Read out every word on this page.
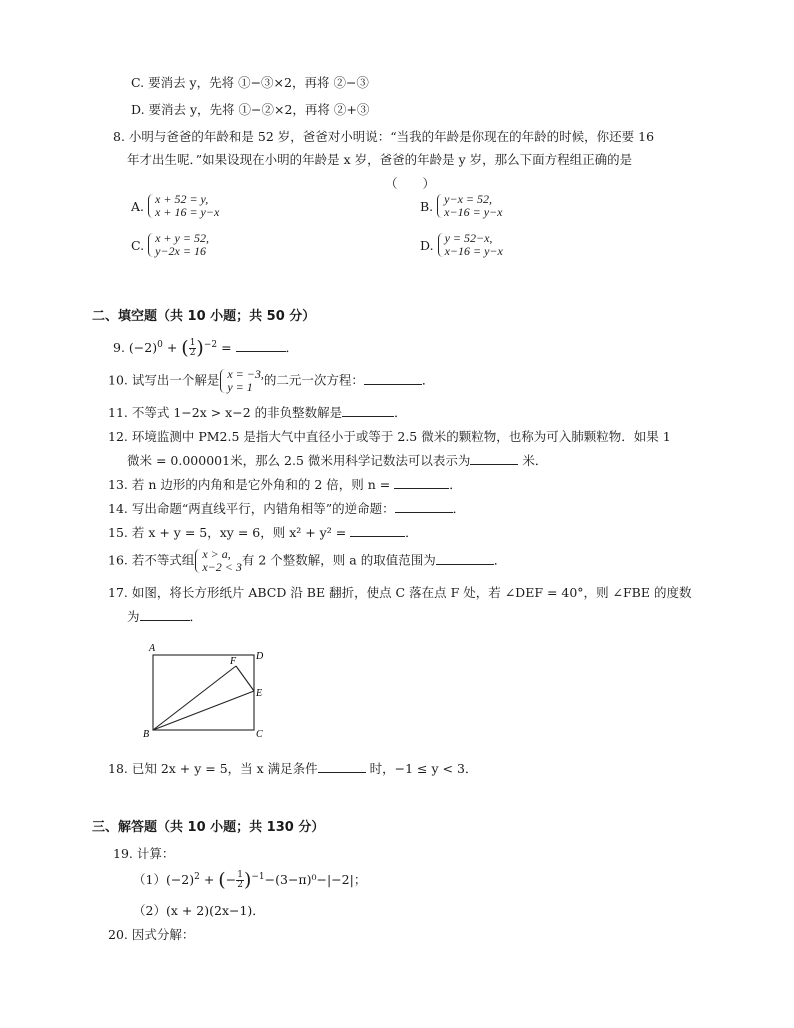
C. 要消去 y，先将 ①−③×2，再将 ②−③
D. 要消去 y，先将 ①−②×2，再将 ②+③
8. 小明与爸爸的年龄和是 52 岁，爸爸对小明说：“当我的年龄是你现在的年龄的时候，你还要 16
年才出生呢．”如果设现在小明的年龄是 x 岁，爸爸的年龄是 y 岁，那么下面方程组正确的是
（　　）
A. x + 52 = y,
x + 16 = y−x	B. y−x = 52,
x−16 = y−x
C. x + y = 52,
y−2x = 16	D. y = 52−x,
x−16 = y−x
二、填空题（共 10 小题；共 50 分）
9. $(-2)^0$ + ( $\frac{1}{2} )^{-2}$ =	．
10. 试写出一个解是 x = −3,
y = 1 的二元一次方程：	．
11. 不等式 1−2x > x−2 的非负整数解是	．
12. 环境监测中 PM2.5 是指大气中直径小于或等于 2.5 微米的颗粒物，也称为可入肺颗粒物．如果 1
微米 = 0.000001米，那么 2.5 微米用科学记数法可以表示为	米．
13. 若 n 边形的内角和是它外角和的 2 倍，则 n =	．
14. 写出命题“两直线平行，内错角相等”的逆命题：	．
15. 若 x + y = 5，xy = 6，则 x² + y² =	．
16. 若不等式组 x > a,
x−2 < 3 有 2 个整数解，则 a 的取值范围为	．
17. 如图，将长方形纸片 ABCD 沿 BE 翻折，使点 C 落在点 F 处，若 ∠DEF = 40°，则 ∠FBE 的度数
为	．
A
B	C
D
E
F
18. 已知 2x + y = 5，当 x 满足条件	时，−1 ≤ y < 3．
三、解答题（共 10 小题；共 130 分）
19. 计算：
$(1)(-2)^2$ + (− $\frac{1}{2} )^{-1}-(3-\pi)^0-|-2|$；
（2）(x + 2)(2x−1)．
20. 因式分解：
